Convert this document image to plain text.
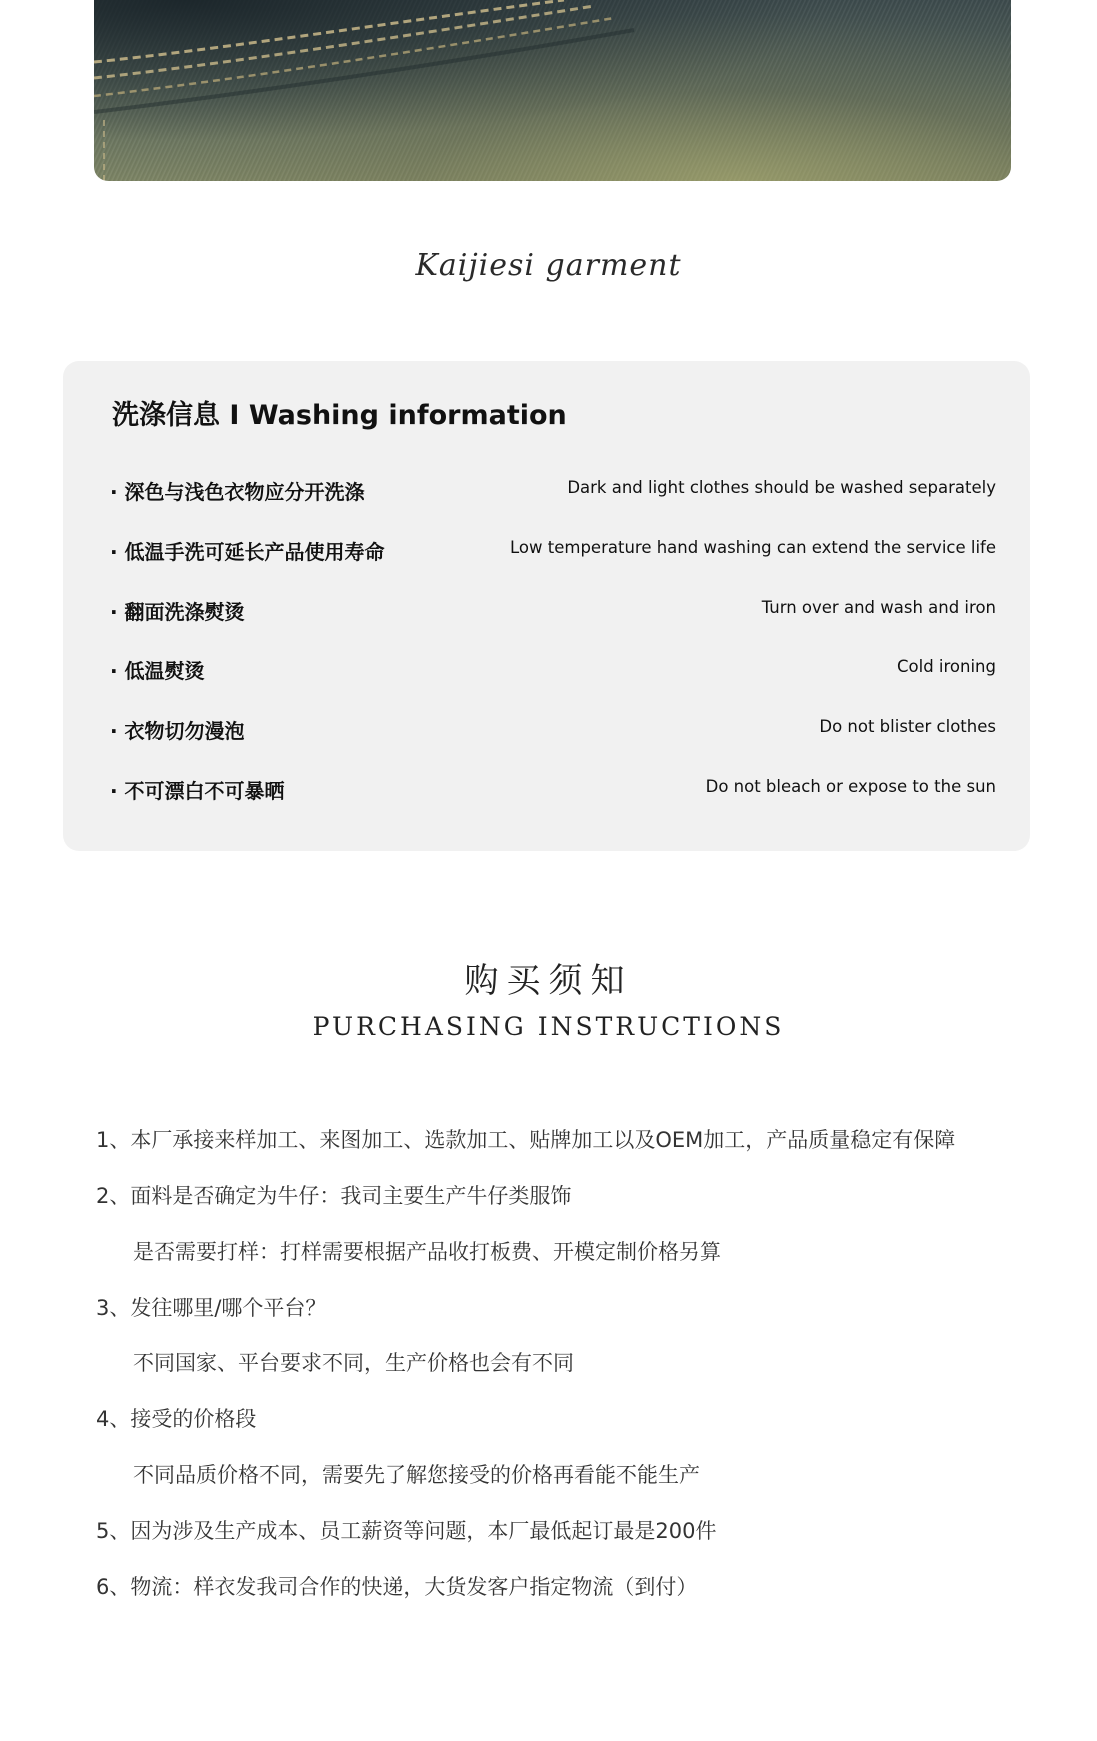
Kaijiesi garment
洗涤信息 I Washing information
· 深色与浅色衣物应分开洗涤	Dark and light clothes should be washed separately
· 低温手洗可延长产品使用寿命	Low temperature hand washing can extend the service life
· 翻面洗涤熨烫	Turn over and wash and iron
· 低温熨烫	Cold ironing
· 衣物切勿漫泡	Do not blister clothes
· 不可漂白不可暴晒	Do not bleach or expose to the sun
购买须知
PURCHASING INSTRUCTIONS
1、本厂承接来样加工、来图加工、选款加工、贴牌加工以及OEM加工，产品质量稳定有保障
2、面料是否确定为牛仔：我司主要生产牛仔类服饰
是否需要打样：打样需要根据产品收打板费、开模定制价格另算
3、发往哪里/哪个平台？
不同国家、平台要求不同，生产价格也会有不同
4、接受的价格段
不同品质价格不同，需要先了解您接受的价格再看能不能生产
5、因为涉及生产成本、员工薪资等问题，本厂最低起订最是200件
6、物流：样衣发我司合作的快递，大货发客户指定物流（到付）
